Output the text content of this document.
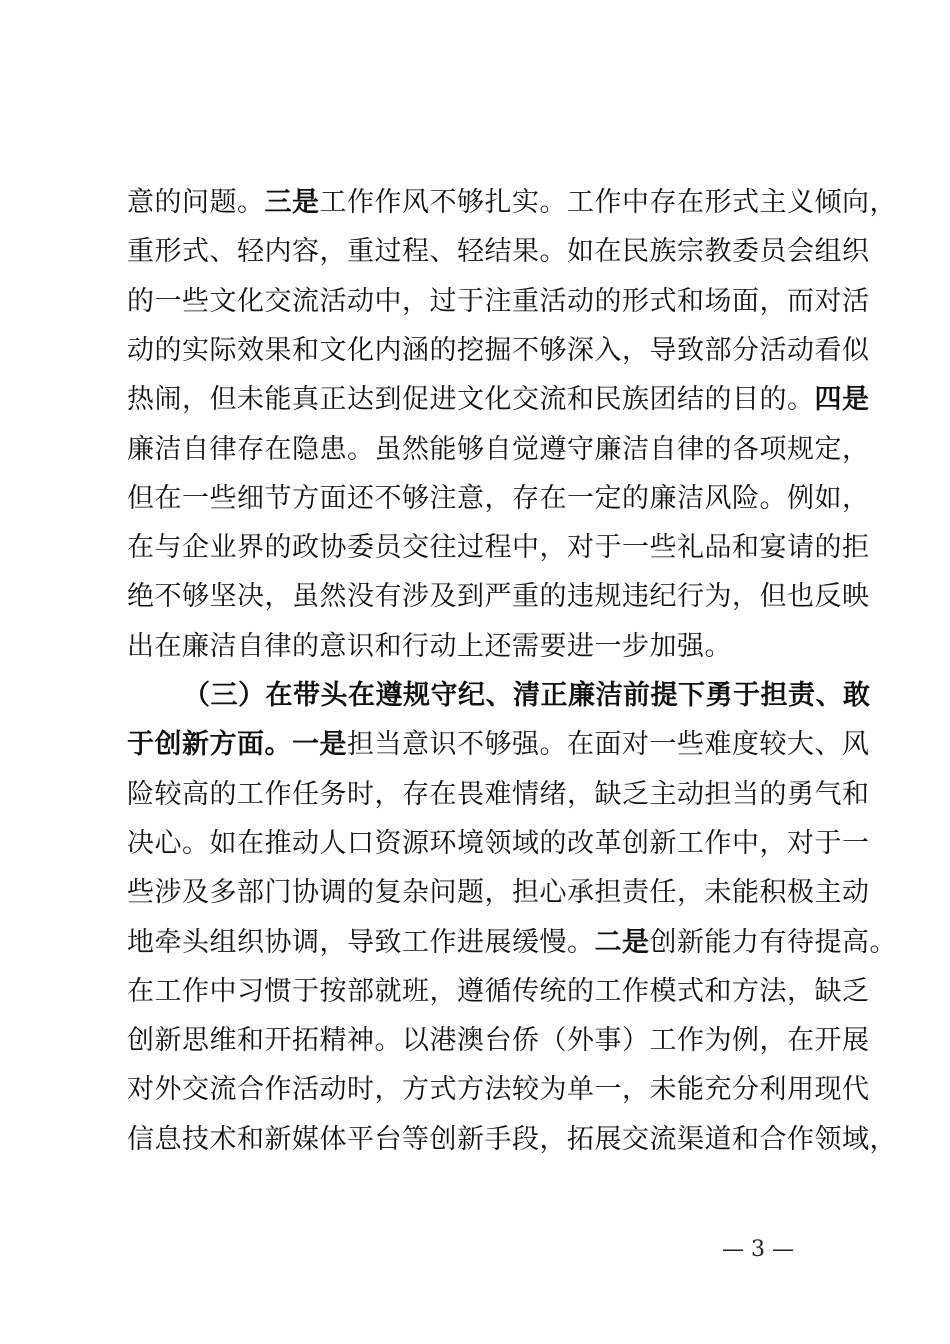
意的问题。三是工作作风不够扎实。工作中存在形式主义倾向，
重形式、轻内容，重过程、轻结果。如在民族宗教委员会组织
的一些文化交流活动中，过于注重活动的形式和场面，而对活
动的实际效果和文化内涵的挖掘不够深入，导致部分活动看似
热闹，但未能真正达到促进文化交流和民族团结的目的。四是
廉洁自律存在隐患。虽然能够自觉遵守廉洁自律的各项规定，
但在一些细节方面还不够注意，存在一定的廉洁风险。例如，
在与企业界的政协委员交往过程中，对于一些礼品和宴请的拒
绝不够坚决，虽然没有涉及到严重的违规违纪行为，但也反映
出在廉洁自律的意识和行动上还需要进一步加强。
（三）在带头在遵规守纪、清正廉洁前提下勇于担责、敢
于创新方面。一是担当意识不够强。在面对一些难度较大、风
险较高的工作任务时，存在畏难情绪，缺乏主动担当的勇气和
决心。如在推动人口资源环境领域的改革创新工作中，对于一
些涉及多部门协调的复杂问题，担心承担责任，未能积极主动
地牵头组织协调，导致工作进展缓慢。二是创新能力有待提高。
在工作中习惯于按部就班，遵循传统的工作模式和方法，缺乏
创新思维和开拓精神。以港澳台侨（外事）工作为例，在开展
对外交流合作活动时，方式方法较为单一，未能充分利用现代
信息技术和新媒体平台等创新手段，拓展交流渠道和合作领域，
— 3 —
